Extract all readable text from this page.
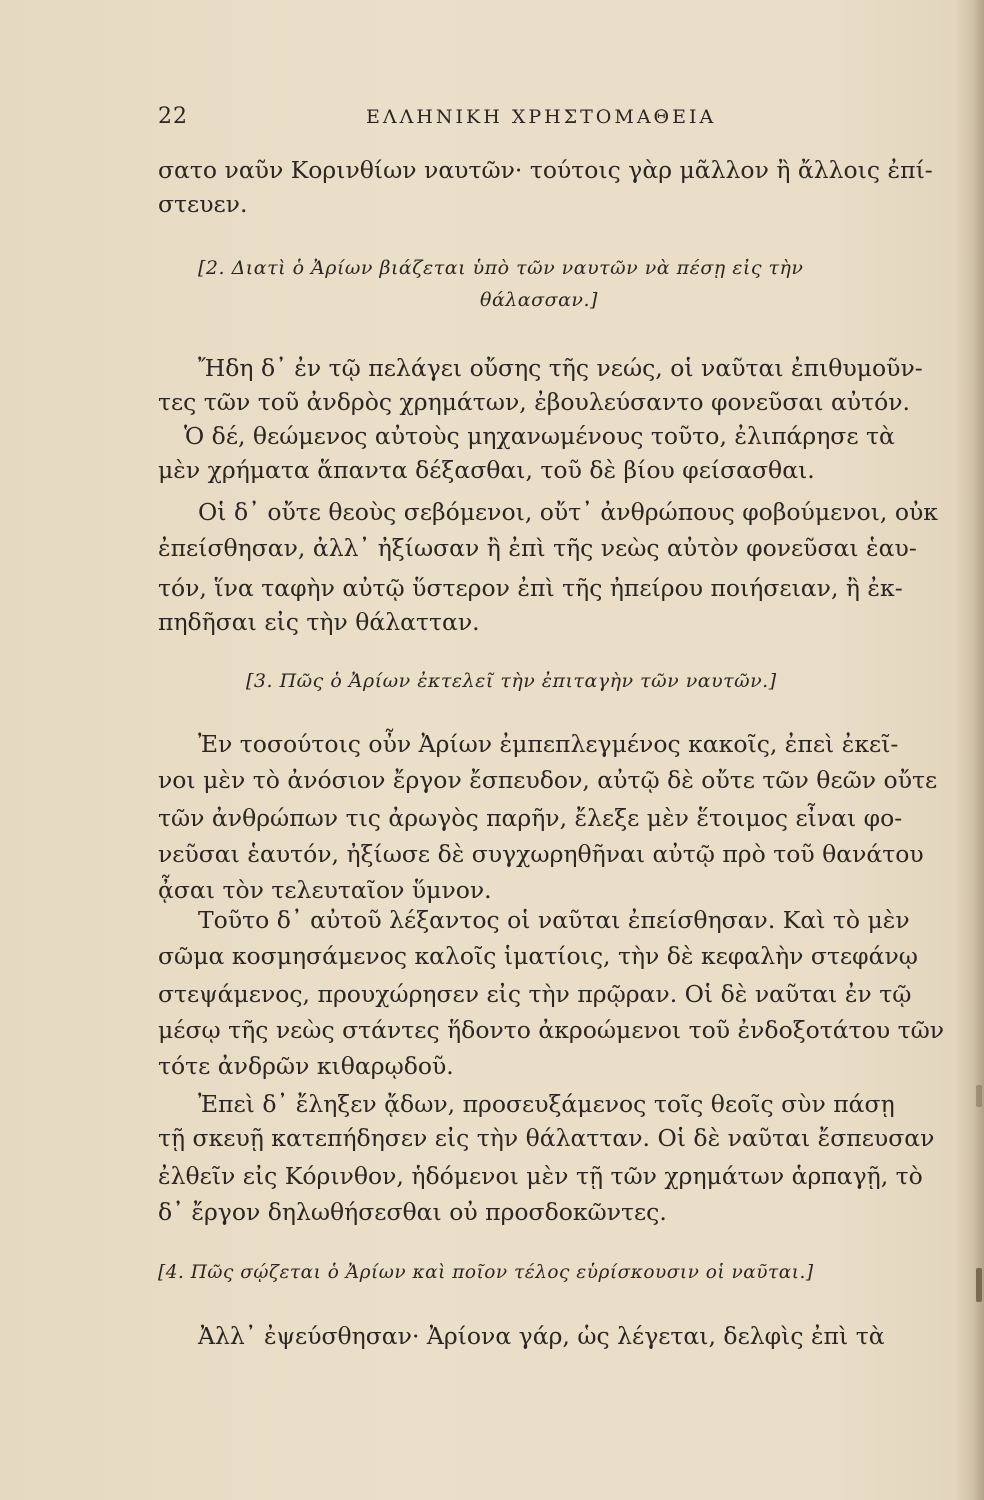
22	ΕΛΛΗΝΙΚΗ ΧΡΗΣΤΟΜΑΘΕΙΑ
σατο ναῦν Κορινθίων ναυτῶν· τούτοις γὰρ μᾶλλον ἢ ἄλλοις ἐπί-
στευεν.
[2. Διατὶ ὁ Ἀρίων βιάζεται ὑπὸ τῶν ναυτῶν νὰ πέσῃ εἰς τὴν
θάλασσαν.]
Ἤδη δ᾿ ἐν τῷ πελάγει οὔσης τῆς νεώς, οἱ ναῦται ἐπιθυμοῦν-
τες τῶν τοῦ ἀνδρὸς χρημάτων, ἐβουλεύσαντο φονεῦσαι αὐτόν.
Ὁ δέ, θεώμενος αὐτοὺς μηχανωμένους τοῦτο, ἐλιπάρησε τὰ
μὲν χρήματα ἅπαντα δέξασθαι, τοῦ δὲ βίου φείσασθαι.
Οἱ δ᾿ οὔτε θεοὺς σεβόμενοι, οὔτ᾿ ἀνθρώπους φοβούμενοι, οὐκ
ἐπείσθησαν, ἀλλ᾿ ἠξίωσαν ἢ ἐπὶ τῆς νεὼς αὐτὸν φονεῦσαι ἑαυ-
τόν, ἵνα ταφὴν αὐτῷ ὕστερον ἐπὶ τῆς ἠπείρου ποιήσειαν, ἢ ἐκ-
πηδῆσαι εἰς τὴν θάλατταν.
[3. Πῶς ὁ Ἀρίων ἐκτελεῖ τὴν ἐπιταγὴν τῶν ναυτῶν.]
Ἐν τοσούτοις οὖν Ἀρίων ἐμπεπλεγμένος κακοῖς, ἐπεὶ ἐκεῖ-
νοι μὲν τὸ ἀνόσιον ἔργον ἔσπευδον, αὐτῷ δὲ οὔτε τῶν θεῶν οὔτε
τῶν ἀνθρώπων τις ἀρωγὸς παρῆν, ἔλεξε μὲν ἕτοιμος εἶναι φο-
νεῦσαι ἑαυτόν, ἠξίωσε δὲ συγχωρηθῆναι αὐτῷ πρὸ τοῦ θανάτου
ᾆσαι τὸν τελευταῖον ὕμνον.
Τοῦτο δ᾿ αὐτοῦ λέξαντος οἱ ναῦται ἐπείσθησαν. Καὶ τὸ μὲν
σῶμα κοσμησάμενος καλοῖς ἱματίοις, τὴν δὲ κεφαλὴν στεφάνῳ
στεψάμενος, προυχώρησεν εἰς τὴν πρῷραν. Οἱ δὲ ναῦται ἐν τῷ
μέσῳ τῆς νεὼς στάντες ἥδοντο ἀκροώμενοι τοῦ ἐνδοξοτάτου τῶν
τότε ἀνδρῶν κιθαρῳδοῦ.
Ἐπεὶ δ᾿ ἔληξεν ᾄδων, προσευξάμενος τοῖς θεοῖς σὺν πάσῃ
τῇ σκευῇ κατεπήδησεν εἰς τὴν θάλατταν. Οἱ δὲ ναῦται ἔσπευσαν
ἐλθεῖν εἰς Κόρινθον, ἡδόμενοι μὲν τῇ τῶν χρημάτων ἁρπαγῇ, τὸ
δ᾿ ἔργον δηλωθήσεσθαι οὐ προσδοκῶντες.
[4. Πῶς σῴζεται ὁ Ἀρίων καὶ ποῖον τέλος εὑρίσκουσιν οἱ ναῦται.]
Ἀλλ᾿ ἐψεύσθησαν· Ἀρίονα γάρ, ὡς λέγεται, δελφὶς ἐπὶ τὰ
